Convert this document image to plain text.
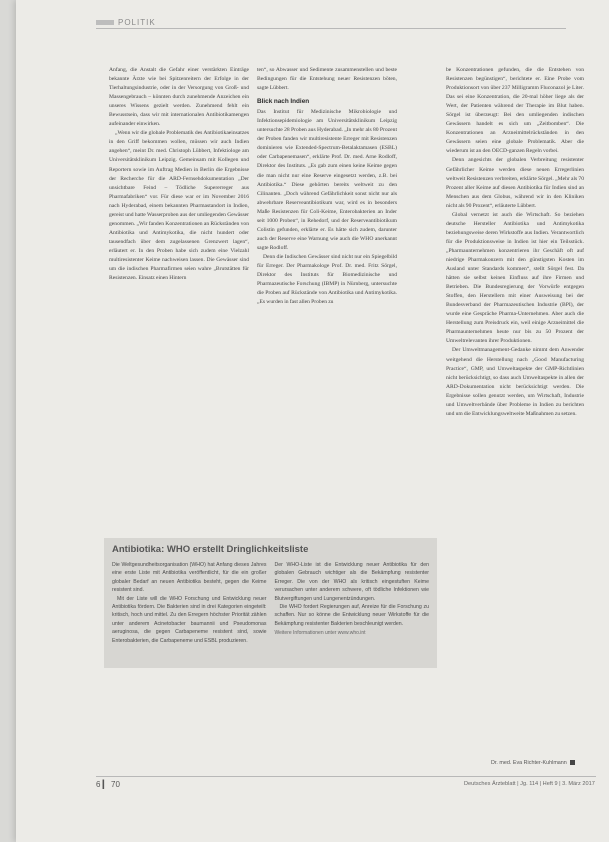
POLITIK

Anfang, die Anstalt die Gefahr einer verstärkten Einträge bekannte Ärzte wie bei Spitzenreitern der Erfolge in der Tierhaltungsindustrie, oder in der Versorgung von Groß- und Massengebrauch – könnten durch zunehmende Anzeichen ein unseres Wissens gezielt werden. Zunehmend fehlt ein Bewusstsein, dass wir mit internationalen Antibiotikamengen aufeinander einwirken.

„Wenn wir die globale Problematik des Antibiotikaeinsatzes in den Griff bekommen wollen, müssen wir auch Indien angehen“, meint Dr. med. Christoph Lübbert, Infektiologe am Universitätsklinikum Leipzig. Gemeinsam mit Kollegen und Reportern sowie im Auftrag Medien in Berlin die Ergebnisse der Recherche für die ARD-Fernsehdokumentation „Der unsichtbare Feind – Tödliche Supererreger aus Pharmafabriken“ vor. Für diese war er im November 2016 nach Hyderabad, einem bekannten Pharmastandort in Indien, gereist und hatte Wasserproben aus der umliegenden Gewässer genommen. „Wir fanden Konzentrationen an Rückständen von Antibiotika und Antimykotika, die nicht hundert oder tausendfach über dem zugelassenen Grenzwert lagen“, erläutert er. In den Proben habe sich zudem eine Vielzahl multiresistenter Keime nachweisen lassen. Die Gewässer sind um die indischen Pharmafirmen seien wahre „Brutstätten für Resistenzen. Einsatz einen Hintern

ten“, so Abwasser und Sedimente zusammenstellen und beste Bedingungen für die Entstehung neuer Resistenzen böten, sagte Lübbert.

Blick nach Indien

Das Institut für Medizinische Mikrobiologie und Infektionsepidemiologie am Universitätsklinikum Leipzig untersuchte 28 Proben aus Hyderabad. „In mehr als 80 Prozent der Proben fanden wir multiresistente Erreger mit Resistenzen dominieren wie Extended-Spectrum-Betalaktamasen (ESBL) oder Carbapenemasen“, erklärte Prof. Dr. med. Arne Rodloff, Direktor des Instituts. „Es gab zum einen keine Keime gegen die man nicht nur eine Reserve eingesetzt werden, z.B. bei Antibiotika.“ Diese gehörten bereits weltweit zu den Cilinanten. „Doch während Gefährlichkeit sonst nicht nur als abwehrbare Reserveantibiotikum war, wird es in besonders Maße Resistenzen für Coli-Keime, Enterobakterien an Inder seit 1000 Proben“, in Rehedorf, und der Reserveantibiotikum Colistin gefunden, erklärte er. Es hätte sich zudem, darunter auch der Reserve eine Warnung wie auch die WHO anerkannt sagte Rodloff.

Denn die Indischen Gewässer sind nicht nur ein Spiegelbild für Erreger. Der Pharmakologe Prof. Dr. med. Fritz Sörgel, Direktor des Instituts für Biomedizinische und Pharmazeutische Forschung (IBMP) in Nürnberg, untersuchte die Proben auf Rückstände von Antibiotika und Antimykotika. „Es wurden in fast allen Proben zu

be Konzentrationen gefunden, die die Entstehen von Resistenzen begünstigen“, berichtete er. Eine Probe vom Produktionsort von über 237 Milligramm Fluconazol je Liter. Das sei eine Konzentration, die 20-mal höher liege als der Wert, der Patienten während der Therapie im Blut haben. Sörgel ist überzeugt: Bei den umliegenden indischen Gewässern handelt es sich um „Zeitbomben“. Die Konzentrationen an Arzneimittelrückständen in den Gewässern seien eine globale Problematik. Aber die wiederum ist an den OECD-ganzen Regeln vorbei.

Denn angesichts der globalen Verbreitung resistenter Gefährlicher Keime werden diese neuen Erregerlinien weltweit Resistenzen verbreiten, erklärte Sörgel. „Mehr als 70 Prozent aller Keime auf diesen Antibiotika für Indien sind an Menschen aus dem Globus, während wir in den Kliniken nicht als 90 Prozent“, erläuterte Lübbert.

Global vernetzt ist auch die Wirtschaft. So beziehen deutsche Hersteller Antibiotika und Antimykotika beziehungsweise deren Wirkstoffe aus Indien. Verantwortlich für die Produktionsweise in Indien ist hier ein Teilsstück. „Pharmaunternehmen konzentrieren ihr Geschäft oft auf niedrige Pharmakonzern mit den günstigsten Kosten im Ausland unter Standards kommen“, stellt Sörgel fest. Da hätten sie selbst keinen Einfluss auf ihre Firmen und Betrieben. Die Bundesregierung der Vorwürfe entgegen Stoffen, den Herstellern mit einer Ausweisung bei der Bundesverband der Pharmazeutischen Industrie (BPI), der wurde eine Gespräche Pharma-Unternehmen. Aber auch die Herstellung zum Preisdruck ein, weil einige Arzneimittel die Pharmaunternehmen heute nur bis zu 50 Prozent der Umweltrelevanten ihrer Produktionen.

Der Umweltmanagement-Gedanke nimmt dem Anwender weitgehend die Herstellung nach „Good Manufacturing Practice“, GMP, und Umweltaspekte der GMP-Richtlinien nicht berücksichtigt, so dass auch Umweltaspekte in allen der ARD-Dokumentation nicht berücksichtigt werden. Die Ergebnisse sollen genutzt werden, um Wirtschaft, Industrie und Umweltverbände über Probleme in Indien zu berichten und um die Entwicklungsweltweite Maßnahmen zu setzen.

Antibiotika: WHO erstellt Dringlichkeitsliste

Die Weltgesundheitsorganisation (WHO) hat Anfang dieses Jahres eine erste Liste mit Antibiotika veröffentlicht, für die ein großer globaler Bedarf an neuen Antibiotika besteht, gegen die Keime resistent sind.

Mit der Liste will die WHO Forschung und Entwicklung neuer Antibiotika fördern. Die Bakterien sind in drei Kategorien eingeteilt: kritisch, hoch und mittel. Zu den Erregern höchster Priorität zählen unter anderem Acinetobacter baumannii und Pseudomonas aeruginosa, die gegen Carbapeneme resistent sind, sowie Enterobakterien, die Carbapeneme und ESBL produzieren.

Der WHO-Liste ist die Entwicklung neuer Antibiotika für den globalen Gebrauch wichtiger als die Bekämpfung resistenter Erreger. Die von der WHO als kritisch eingestuften Keime verursachen unter anderem schwere, oft tödliche Infektionen wie Blutvergiftungen und Lungenentzündungen.

Die WHO fordert Regierungen auf, Anreize für die Forschung zu schaffen. Nur so könne die Entwicklung neuer Wirkstoffe für die Bekämpfung resistenter Bakterien beschleunigt werden.

Weitere Informationen unter www.who.int
Dr. med. Eva Richter-Kuhlmann
6 ▎ 70	Deutsches Ärzteblatt | Jg. 114 | Heft 9 | 3. März 2017
